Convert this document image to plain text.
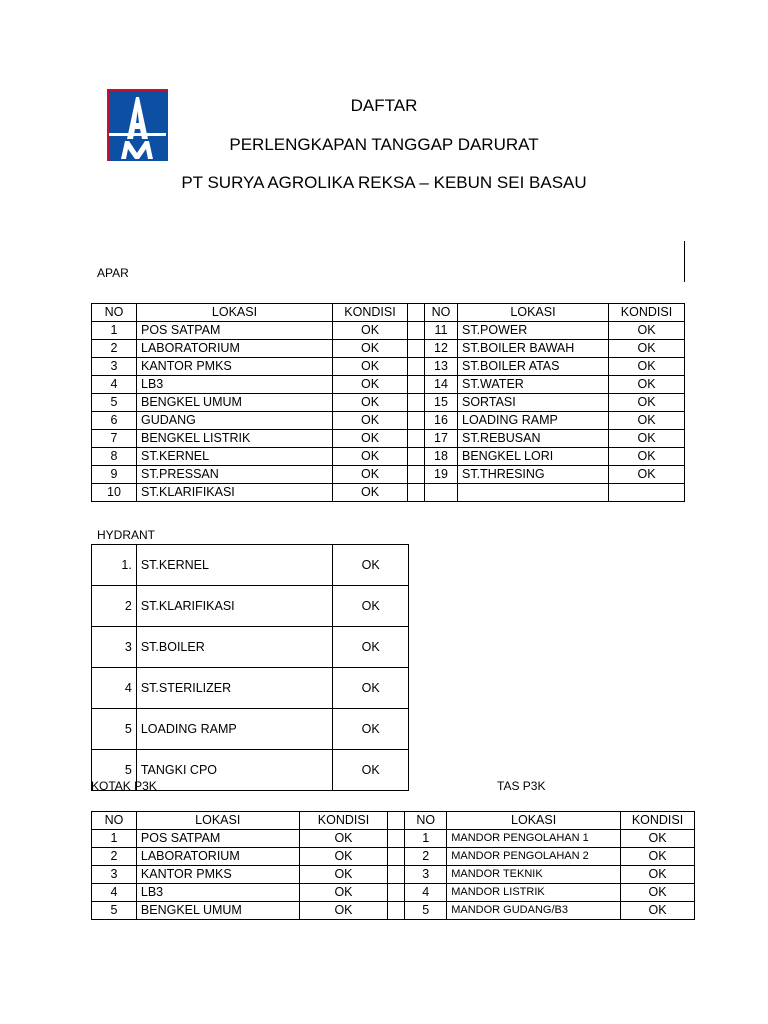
DAFTAR
PERLENGKAPAN TANGGAP DARURAT
PT SURYA AGROLIKA REKSA – KEBUN SEI BASAU
APAR
NO	LOKASI	KONDISI		NO	LOKASI	KONDISI
1	POS SATPAM	OK		11	ST.POWER	OK
2	LABORATORIUM	OK		12	ST.BOILER BAWAH	OK
3	KANTOR PMKS	OK		13	ST.BOILER ATAS	OK
4	LB3	OK		14	ST.WATER	OK
5	BENGKEL UMUM	OK		15	SORTASI	OK
6	GUDANG	OK		16	LOADING RAMP	OK
7	BENGKEL LISTRIK	OK		17	ST.REBUSAN	OK
8	ST.KERNEL	OK		18	BENGKEL LORI	OK
9	ST.PRESSAN	OK		19	ST.THRESING	OK
10	ST.KLARIFIKASI	OK				
HYDRANT
1.	ST.KERNEL	OK
2	ST.KLARIFIKASI	OK
3	ST.BOILER	OK
4	ST.STERILIZER	OK
5	LOADING RAMP	OK
5	TANGKI CPO	OK
KOTAK P3K	TAS P3K
NO	LOKASI	KONDISI		NO	LOKASI	KONDISI
1	POS SATPAM	OK		1	MANDOR PENGOLAHAN 1	OK
2	LABORATORIUM	OK		2	MANDOR PENGOLAHAN 2	OK
3	KANTOR PMKS	OK		3	MANDOR TEKNIK	OK
4	LB3	OK		4	MANDOR LISTRIK	OK
5	BENGKEL UMUM	OK		5	MANDOR GUDANG/B3	OK
